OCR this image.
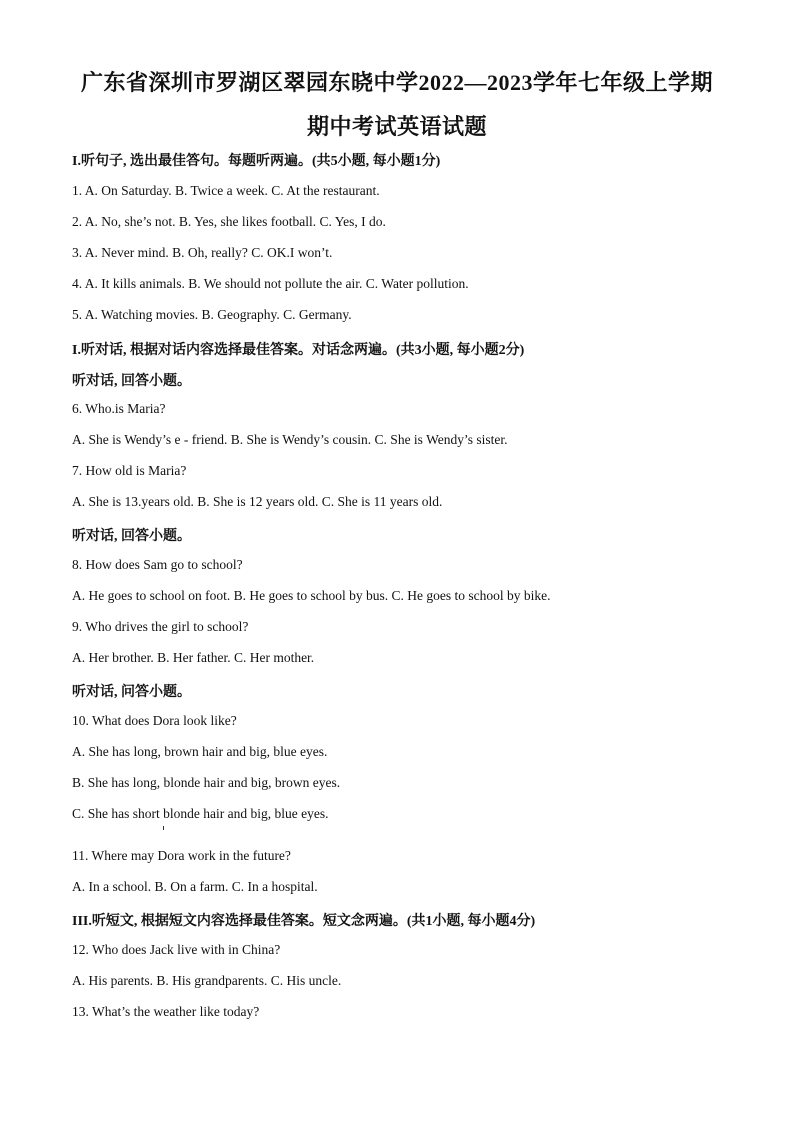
广东省深圳市罗湖区翠园东晓中学2022—2023学年七年级上学期
期中考试英语试题
I.听句子, 选出最佳答句。每题听两遍。(共5小题, 每小题1分)
1. A. On Saturday. B. Twice a week. C. At the restaurant.
2. A. No, she’s not. B. Yes, she likes football. C. Yes, I do.
3. A. Never mind. B. Oh, really? C. OK.I won’t.
4. A. It kills animals. B. We should not pollute the air. C. Water pollution.
5. A. Watching movies. B. Geography. C. Germany.
I.听对话, 根据对话内容选择最佳答案。对话念两遍。(共3小题, 每小题2分)
听对话, 回答小题。
6. Who.is Maria?
A. She is Wendy’s e - friend. B. She is Wendy’s cousin. C. She is Wendy’s sister.
7. How old is Maria?
A. She is 13.years old. B. She is 12 years old. C. She is 11 years old.
听对话, 回答小题。
8. How does Sam go to school?
A. He goes to school on foot. B. He goes to school by bus. C. He goes to school by bike.
9. Who drives the girl to school?
A. Her brother. B. Her father. C. Her mother.
听对话, 问答小题。
10. What does Dora look like?
A. She has long, brown hair and big, blue eyes.
B. She has long, blonde hair and big, brown eyes.
C. She has short blonde hair and big, blue eyes.
11. Where may Dora work in the future?
A. In a school. B. On a farm. C. In a hospital.
III.听短文, 根据短文内容选择最佳答案。短文念两遍。(共1小题, 每小题4分)
12. Who does Jack live with in China?
A. His parents. B. His grandparents. C. His uncle.
13. What’s the weather like today?
